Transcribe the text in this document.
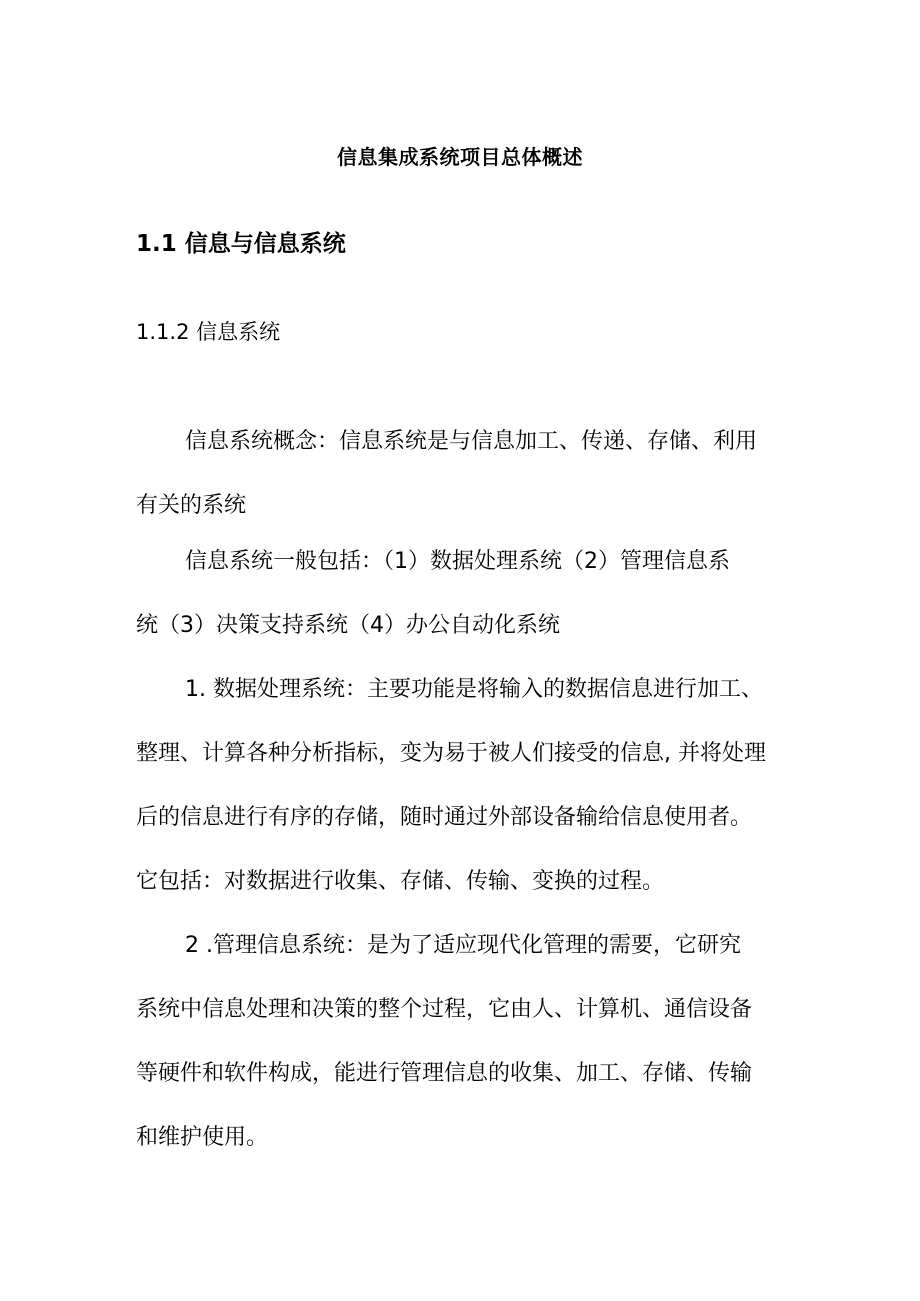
信息集成系统项目总体概述
1.1 信息与信息系统
1.1.2 信息系统
信息系统概念：信息系统是与信息加工、传递、存储、利用
有关的系统
信息系统一般包括：（1）数据处理系统（2）管理信息系
统（3）决策支持系统（4）办公自动化系统
1. 数据处理系统：主要功能是将输入的数据信息进行加工、
整理、计算各种分析指标，变为易于被人们接受的信息, 并将处理
后的信息进行有序的存储，随时通过外部设备输给信息使用者。
它包括：对数据进行收集、存储、传输、变换的过程。
2 .管理信息系统：是为了适应现代化管理的需要，它研究
系统中信息处理和决策的整个过程，它由人、计算机、通信设备
等硬件和软件构成，能进行管理信息的收集、加工、存储、传输
和维护使用。
